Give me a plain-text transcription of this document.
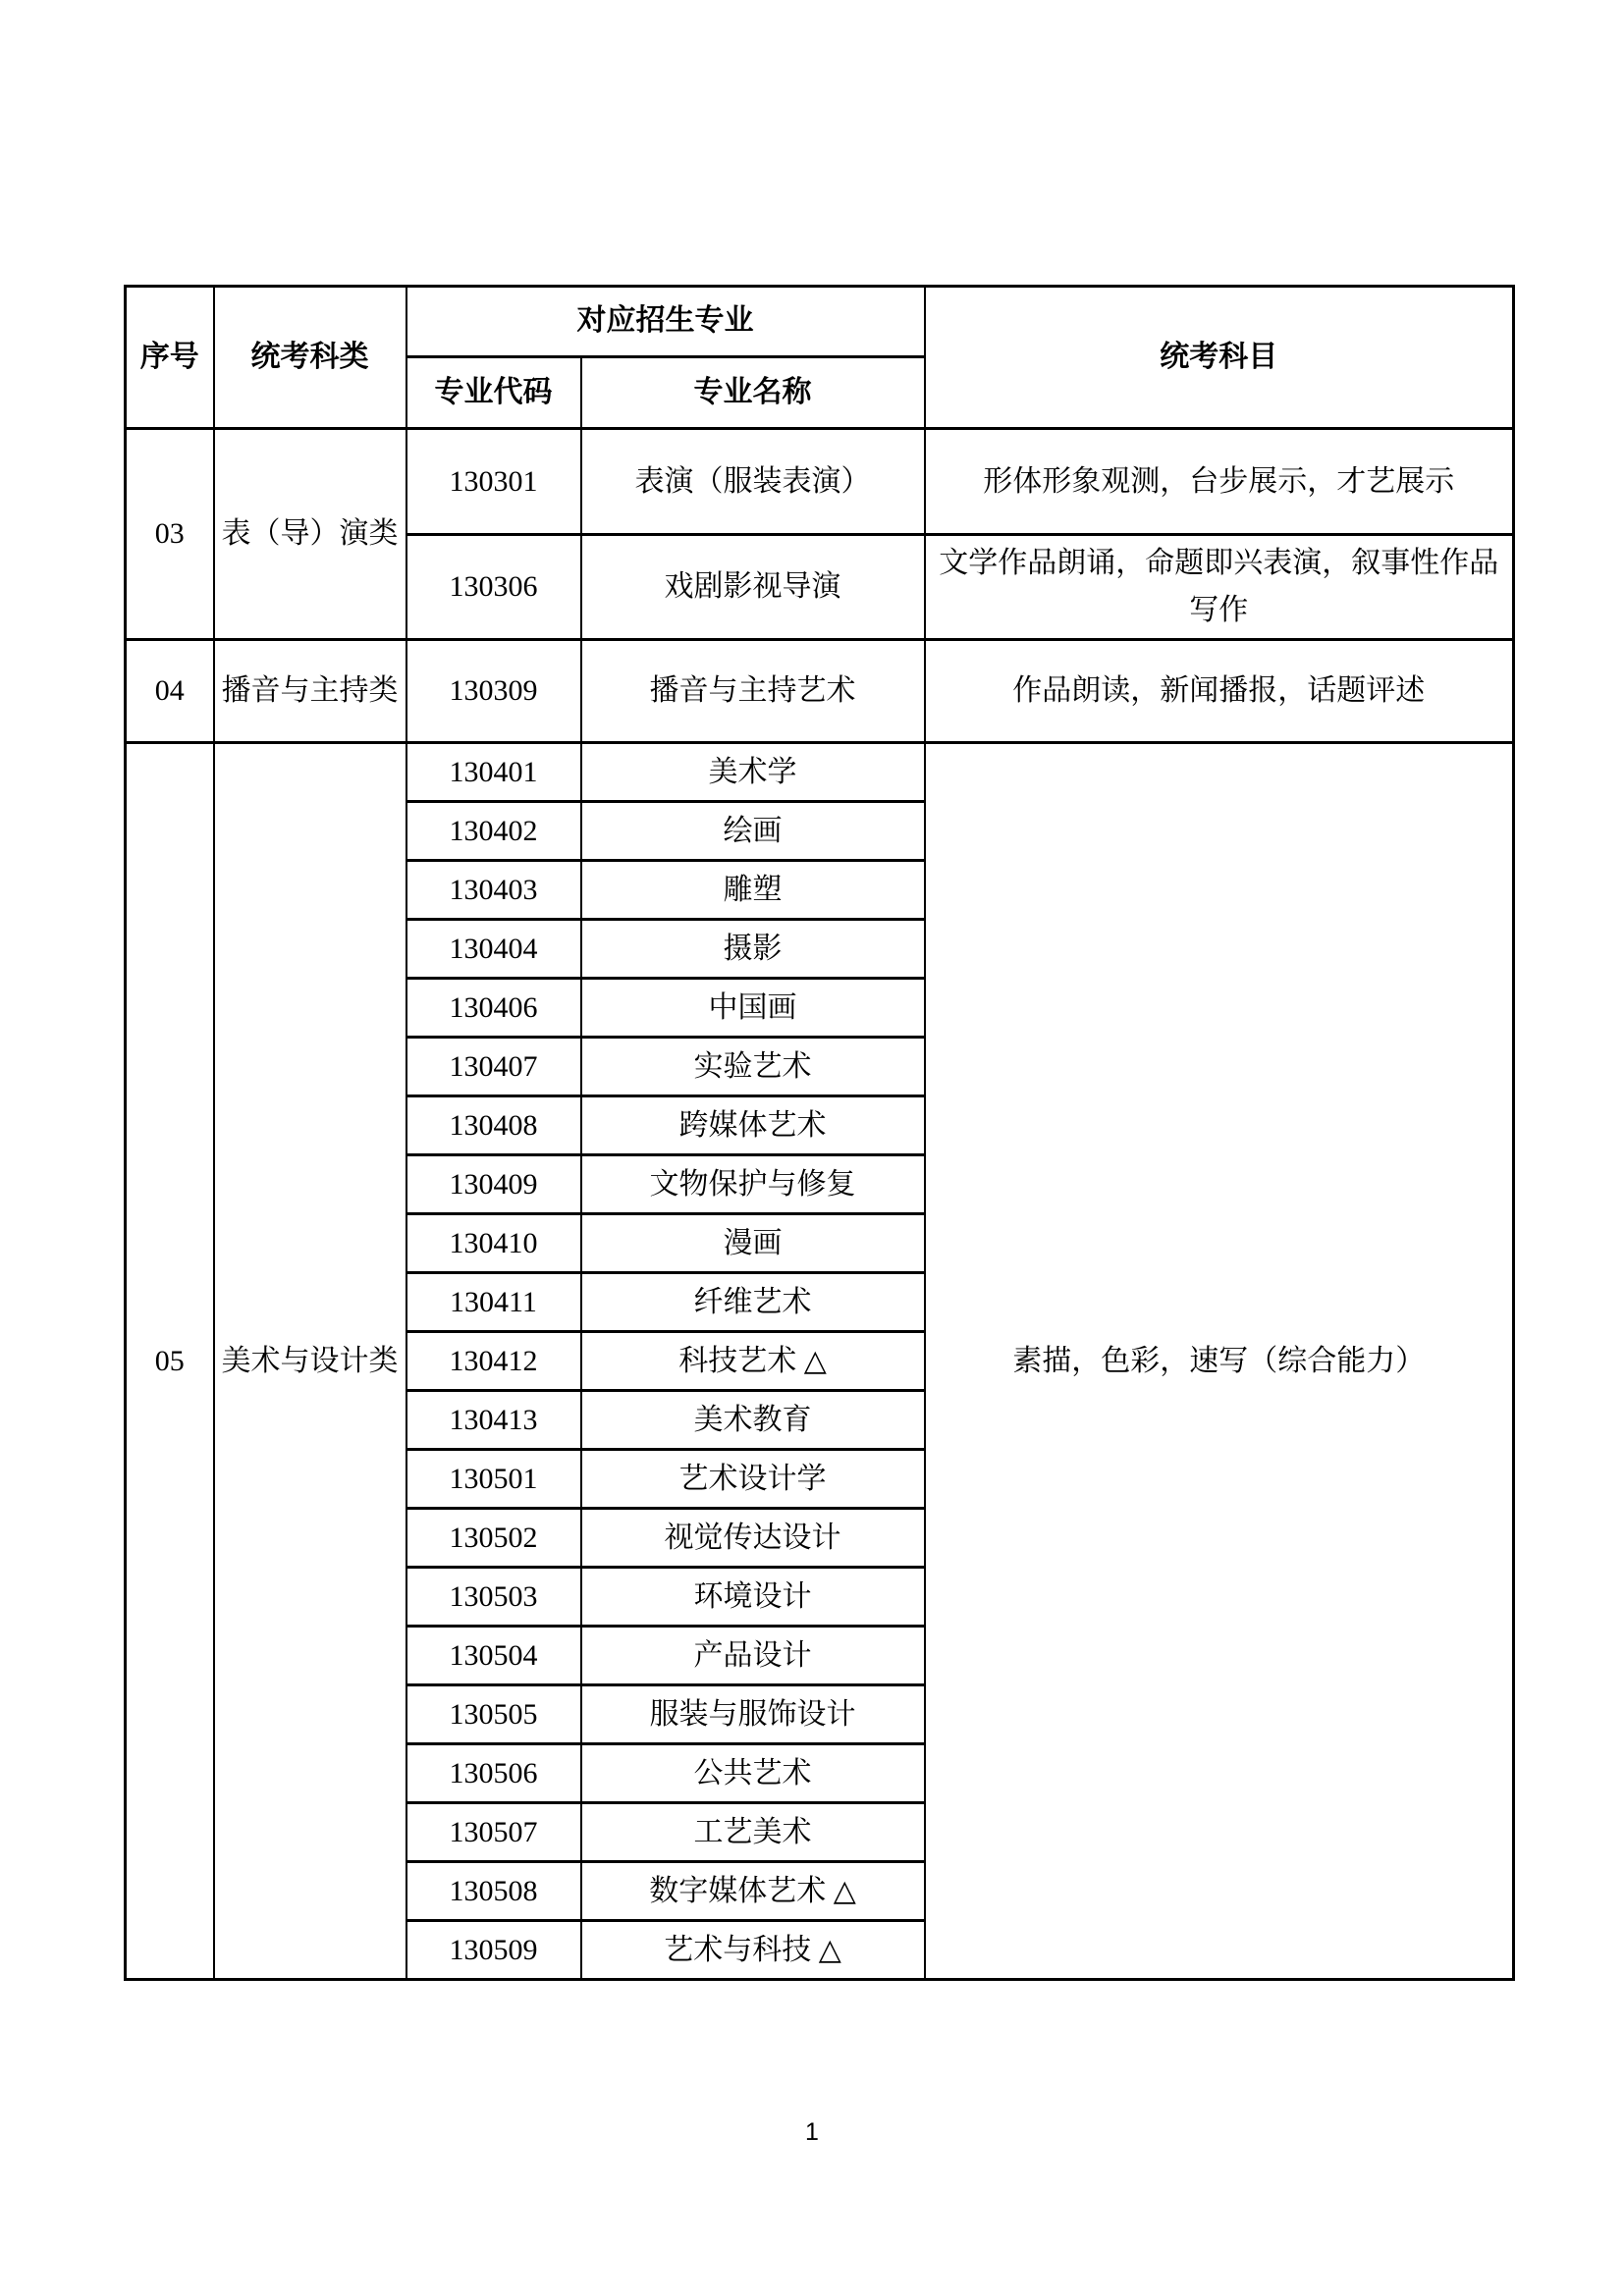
序号	统考科类	对应招生专业		统考科目
		专业代码	专业名称	
03	表（导）演类	130301	表演（服装表演）	形体形象观测，台步展示，才艺展示
		130306	戏剧影视导演	文学作品朗诵，命题即兴表演，叙事性作品写作
04	播音与主持类	130309	播音与主持艺术	作品朗读，新闻播报，话题评述
05	美术与设计类	130401	美术学	素描，色彩，速写（综合能力）
		130402	绘画	
		130403	雕塑	
		130404	摄影	
		130406	中国画	
		130407	实验艺术	
		130408	跨媒体艺术	
		130409	文物保护与修复	
		130410	漫画	
		130411	纤维艺术	
		130412	科技艺术 △	
		130413	美术教育	
		130501	艺术设计学	
		130502	视觉传达设计	
		130503	环境设计	
		130504	产品设计	
		130505	服装与服饰设计	
		130506	公共艺术	
		130507	工艺美术	
		130508	数字媒体艺术 △	
		130509	艺术与科技 △	
1
